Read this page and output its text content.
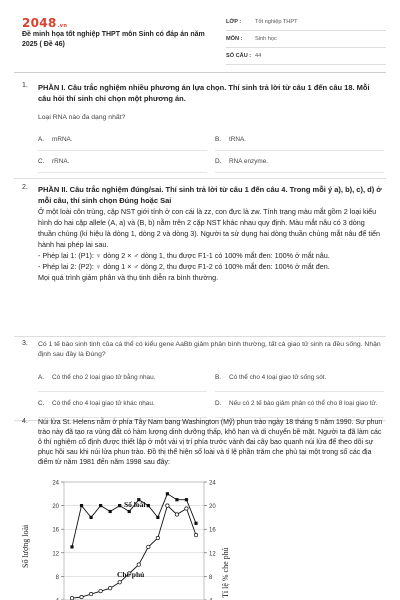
2048.vn
Đề minh họa tốt nghiệp THPT môn Sinh có đáp án năm 2025 ( Đề 46)
LỚP :	Tốt nghiệp THPT
MÔN :	Sinh học
SỐ CÂU : 44
1. PHẦN I. Câu trắc nghiệm nhiều phương án lựa chọn. Thí sinh trả lời từ câu 1 đến câu 18. Mỗi câu hỏi thí sinh chỉ chọn một phương án.
Loại RNA nào đa dạng nhất?
A.	mRNA.	B.	tRNA.
C.	rRNA.	D.	RNA enzyme.
2. PHẦN II. Câu trắc nghiệm đúng/sai. Thí sinh trả lời từ câu 1 đến câu 4. Trong mỗi ý a), b), c), d) ở mỗi câu, thí sinh chọn Đúng hoặc Sai
Ở một loài côn trùng, cặp NST giới tính ở con cái là zz, con đực là zw. Tính trạng màu mắt gồm 2 loại kiểu hình do hai cặp allele (A, a) và (B, b) nằm trên 2 cặp NST khác nhau quy định. Màu mắt nâu có 3 dòng thuần chủng (kí hiệu là dòng 1, dòng 2 và dòng 3). Người ta sử dụng hai dòng thuần chủng mắt nâu để tiến hành hai phép lai sau.
- Phép lai 1: (P1): ♀ dòng 2 × ♂ dòng 1, thu được F1-1 có 100% mắt đen: 100% ở mắt nâu.
- Phép lai 2: (P2): ♀ dòng 1 × ♂ dòng 2, thu được F1-2 có 100% mắt đen: 100% ở mắt đen.
Mọi quá trình giảm phân và thụ tinh diễn ra bình thường.
3. Có 1 tế bào sinh tinh của cá thể có kiểu gene AaBb giảm phân bình thường, tất cả giao tử sinh ra đều sống. Nhận định sau đây là Đúng?
A.	Có thể cho 2 loại giao tử bằng nhau.	B.	Có thể cho 4 loại giao tử sống sót.
C.	Có thể cho 4 loại giao tử khác nhau.	D.	Nếu có 2 tế bào giảm phân có thể cho 8 loại giao tử.
4. Núi lửa St. Helens nằm ở phía Tây Nam bang Washington (Mỹ) phun trào ngày 18 tháng 5 năm 1990. Sự phun trào này đã tạo ra vùng đất có hàm lượng dinh dưỡng thấp, khô hạn và di chuyển bề mặt. Người ta đã làm các ô thí nghiệm cố định được thiết lập ở một vài vị trí phía trước vành đai cây bao quanh núi lửa để theo dõi sự phục hồi sau khi núi lửa phun trào. Đồ thị thể hiện số loài và tỉ lệ phần trăm che phủ tại một trong số các địa điểm từ năm 1981 đến năm 1998 sau đây:
24
20
16
12
8
24
20
16
12
8
Số lượng loài
Tỉ lệ % che phủ
Số loài
Che phủ
